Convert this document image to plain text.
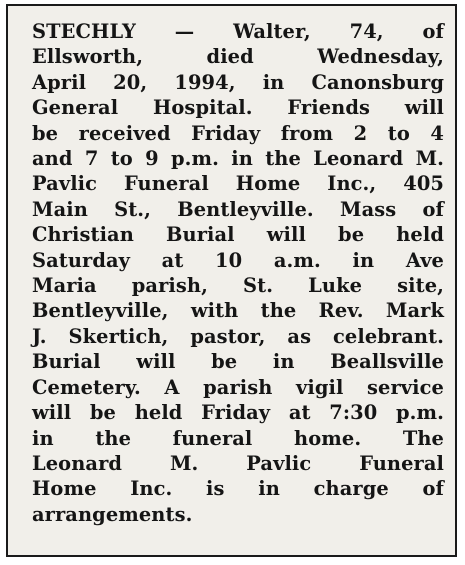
STECHLY — Walter, 74, of
Ellsworth, died Wednesday,
April 20, 1994, in Canonsburg
General Hospital. Friends will
be received Friday from 2 to 4
and 7 to 9 p.m. in the Leonard M.
Pavlic Funeral Home Inc., 405
Main St., Bentleyville. Mass of
Christian Burial will be held
Saturday at 10 a.m. in Ave
Maria parish, St. Luke site,
Bentleyville, with the Rev. Mark
J. Skertich, pastor, as celebrant.
Burial will be in Beallsville
Cemetery. A parish vigil service
will be held Friday at 7:30 p.m.
in the funeral home. The
Leonard M. Pavlic Funeral
Home Inc. is in charge of
arrangements.
